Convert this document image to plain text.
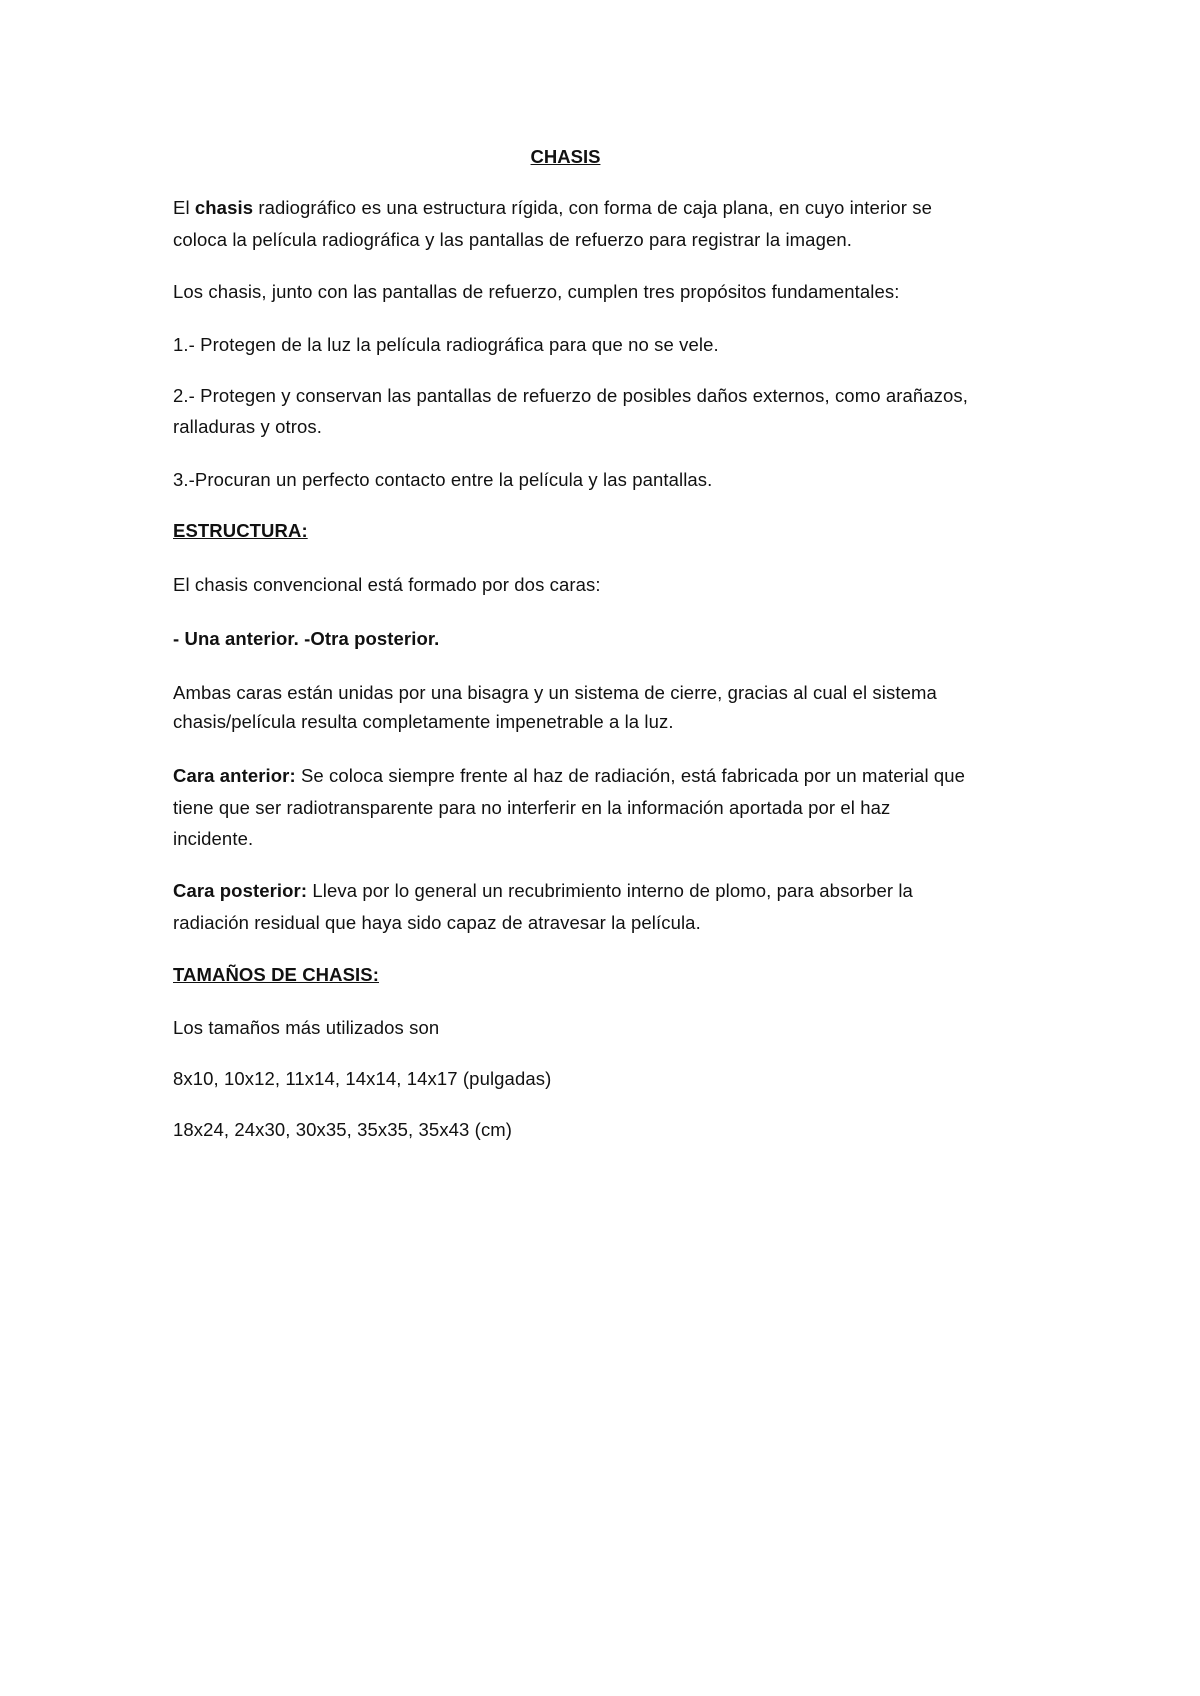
CHASIS
El chasis radiográfico es una estructura rígida, con forma de caja plana, en cuyo interior se
coloca la película radiográfica y las pantallas de refuerzo para registrar la imagen.
Los chasis, junto con las pantallas de refuerzo, cumplen tres propósitos fundamentales:
1.- Protegen de la luz la película radiográfica para que no se vele.
2.- Protegen y conservan las pantallas de refuerzo de posibles daños externos, como arañazos,
ralladuras y otros.
3.-Procuran un perfecto contacto entre la película y las pantallas.
ESTRUCTURA:
El chasis convencional está formado por dos caras:
- Una anterior. -Otra posterior.
Ambas caras están unidas por una bisagra y un sistema de cierre, gracias al cual el sistema
chasis/película resulta completamente impenetrable a la luz.
Cara anterior: Se coloca siempre frente al haz de radiación, está fabricada por un material que
tiene que ser radiotransparente para no interferir en la información aportada por el haz
incidente.
Cara posterior: Lleva por lo general un recubrimiento interno de plomo, para absorber la
radiación residual que haya sido capaz de atravesar la película.
TAMAÑOS DE CHASIS:
Los tamaños más utilizados son
8x10, 10x12, 11x14, 14x14, 14x17 (pulgadas)
18x24, 24x30, 30x35, 35x35, 35x43 (cm)
